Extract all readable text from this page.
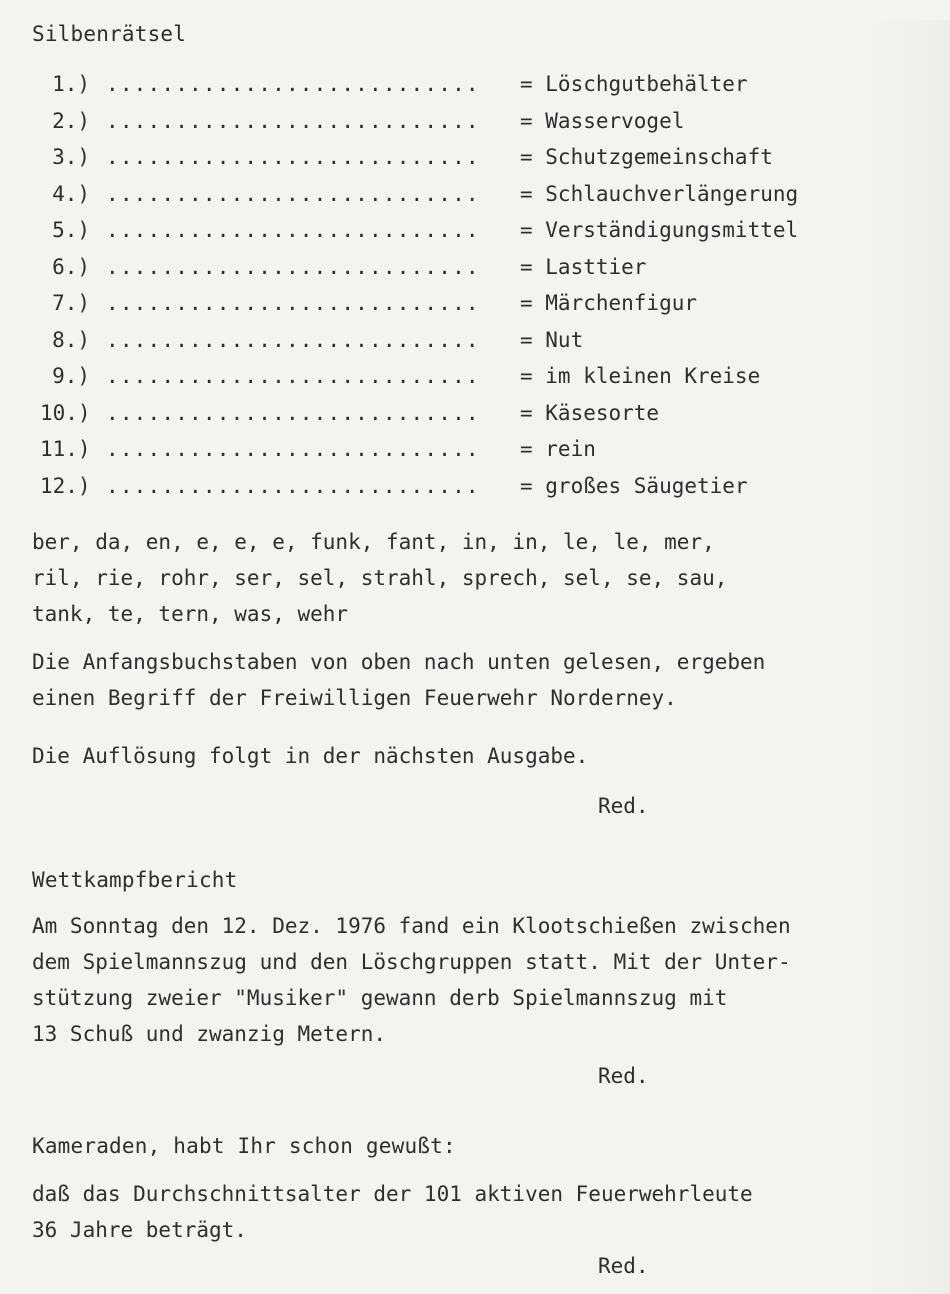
Silbenrätsel
1.) ........................... = Löschgutbehälter
2.) ........................... = Wasservogel
3.) ........................... = Schutzgemeinschaft
4.) ........................... = Schlauchverlängerung
5.) ........................... = Verständigungsmittel
6.) ........................... = Lasttier
7.) ........................... = Märchenfigur
8.) ........................... = Nut
9.) ........................... = im kleinen Kreise
10.) ........................... = Käsesorte
11.) ........................... = rein
12.) ........................... = großes Säugetier
ber, da, en, e, e, e, funk, fant, in, in, le, le, mer,
ril, rie, rohr, ser, sel, strahl, sprech, sel, se, sau,
tank, te, tern, was, wehr
Die Anfangsbuchstaben von oben nach unten gelesen, ergeben
einen Begriff der Freiwilligen Feuerwehr Norderney.
Die Auflösung folgt in der nächsten Ausgabe.
Red.
Wettkampfbericht
Am Sonntag den 12. Dez. 1976 fand ein Klootschießen zwischen
dem Spielmannszug und den Löschgruppen statt. Mit der Unter-
stützung zweier "Musiker" gewann derb Spielmannszug mit
13 Schuß und zwanzig Metern.
Red.
Kameraden, habt Ihr schon gewußt:
daß das Durchschnittsalter der 101 aktiven Feuerwehrleute
36 Jahre beträgt.
Red.
